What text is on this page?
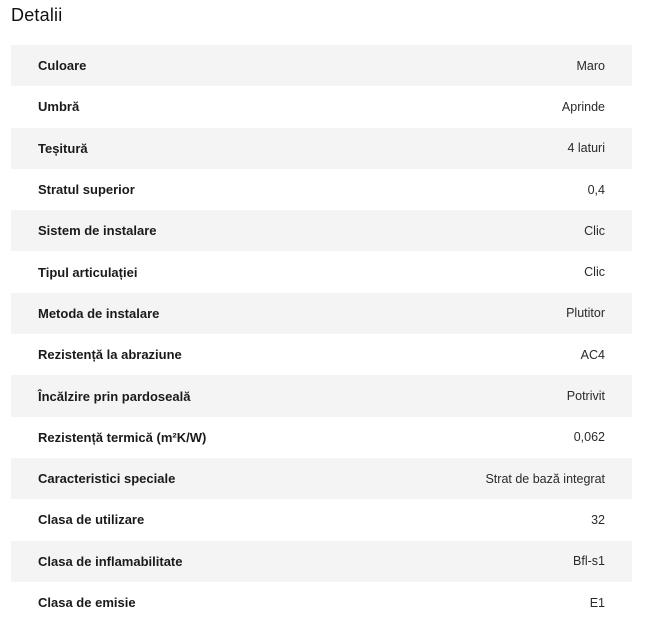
Detalii
Culoare	Maro
Umbră	Aprinde
Teșitură	4 laturi
Stratul superior	0,4
Sistem de instalare	Clic
Tipul articulației	Clic
Metoda de instalare	Plutitor
Rezistență la abraziune	AC4
Încălzire prin pardoseală	Potrivit
Rezistență termică (m²K/W)	0,062
Caracteristici speciale	Strat de bază integrat
Clasa de utilizare	32
Clasa de inflamabilitate	Bfl-s1
Clasa de emisie	E1
